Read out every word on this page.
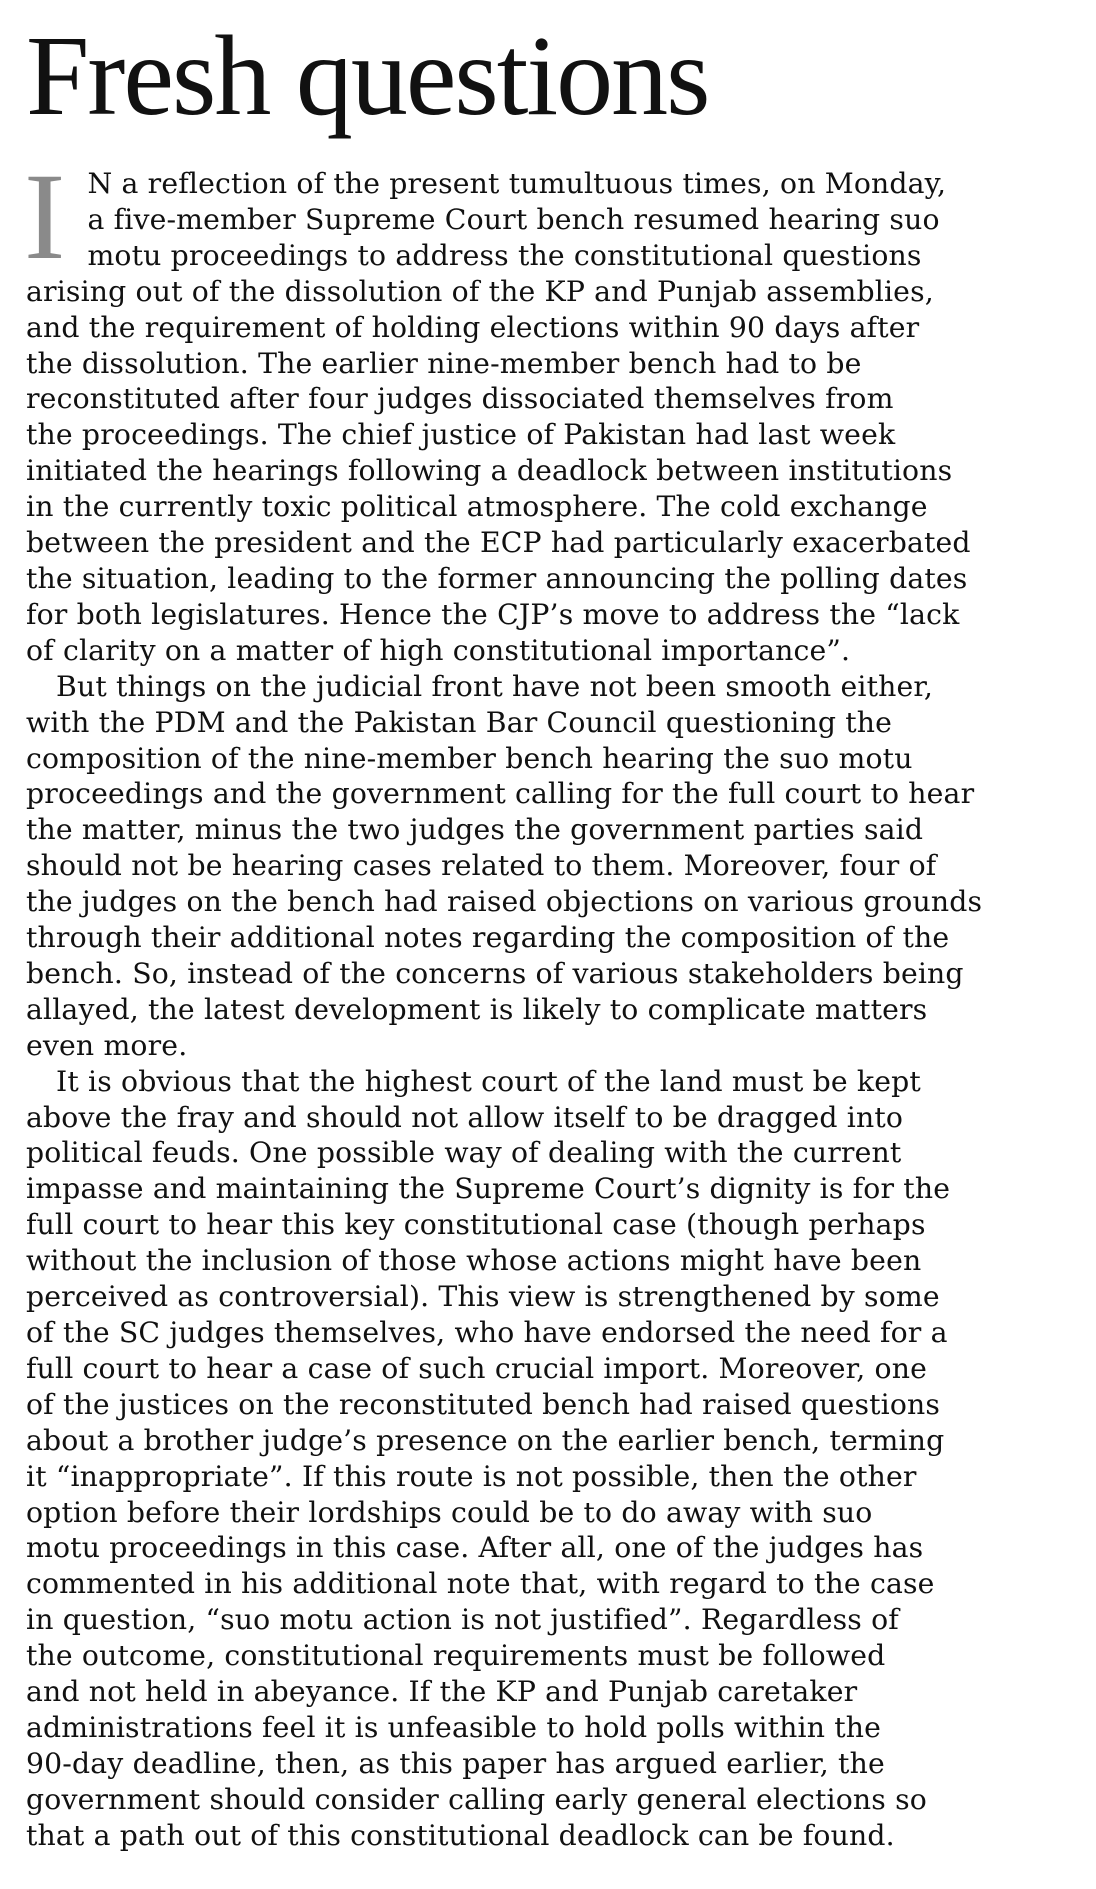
Fresh questions

I N a reflection of the present tumultuous times, on Monday,
a five-member Supreme Court bench resumed hearing suo
motu proceedings to address the constitutional questions
arising out of the dissolution of the KP and Punjab assemblies,
and the requirement of holding elections within 90 days after
the dissolution. The earlier nine-member bench had to be
reconstituted after four judges dissociated themselves from
the proceedings. The chief justice of Pakistan had last week
initiated the hearings following a deadlock between institutions
in the currently toxic political atmosphere. The cold exchange
between the president and the ECP had particularly exacerbated
the situation, leading to the former announcing the polling dates
for both legislatures. Hence the CJP’s move to address the “lack
of clarity on a matter of high constitutional importance”.

But things on the judicial front have not been smooth either,
with the PDM and the Pakistan Bar Council questioning the
composition of the nine-member bench hearing the suo motu
proceedings and the government calling for the full court to hear
the matter, minus the two judges the government parties said
should not be hearing cases related to them. Moreover, four of
the judges on the bench had raised objections on various grounds
through their additional notes regarding the composition of the
bench. So, instead of the concerns of various stakeholders being
allayed, the latest development is likely to complicate matters
even more.

It is obvious that the highest court of the land must be kept
above the fray and should not allow itself to be dragged into
political feuds. One possible way of dealing with the current
impasse and maintaining the Supreme Court’s dignity is for the
full court to hear this key constitutional case (though perhaps
without the inclusion of those whose actions might have been
perceived as controversial). This view is strengthened by some
of the SC judges themselves, who have endorsed the need for a
full court to hear a case of such crucial import. Moreover, one
of the justices on the reconstituted bench had raised questions
about a brother judge’s presence on the earlier bench, terming
it “inappropriate”. If this route is not possible, then the other
option before their lordships could be to do away with suo
motu proceedings in this case. After all, one of the judges has
commented in his additional note that, with regard to the case
in question, “suo motu action is not justified”. Regardless of
the outcome, constitutional requirements must be followed
and not held in abeyance. If the KP and Punjab caretaker
administrations feel it is unfeasible to hold polls within the
90-day deadline, then, as this paper has argued earlier, the
government should consider calling early general elections so
that a path out of this constitutional deadlock can be found.
